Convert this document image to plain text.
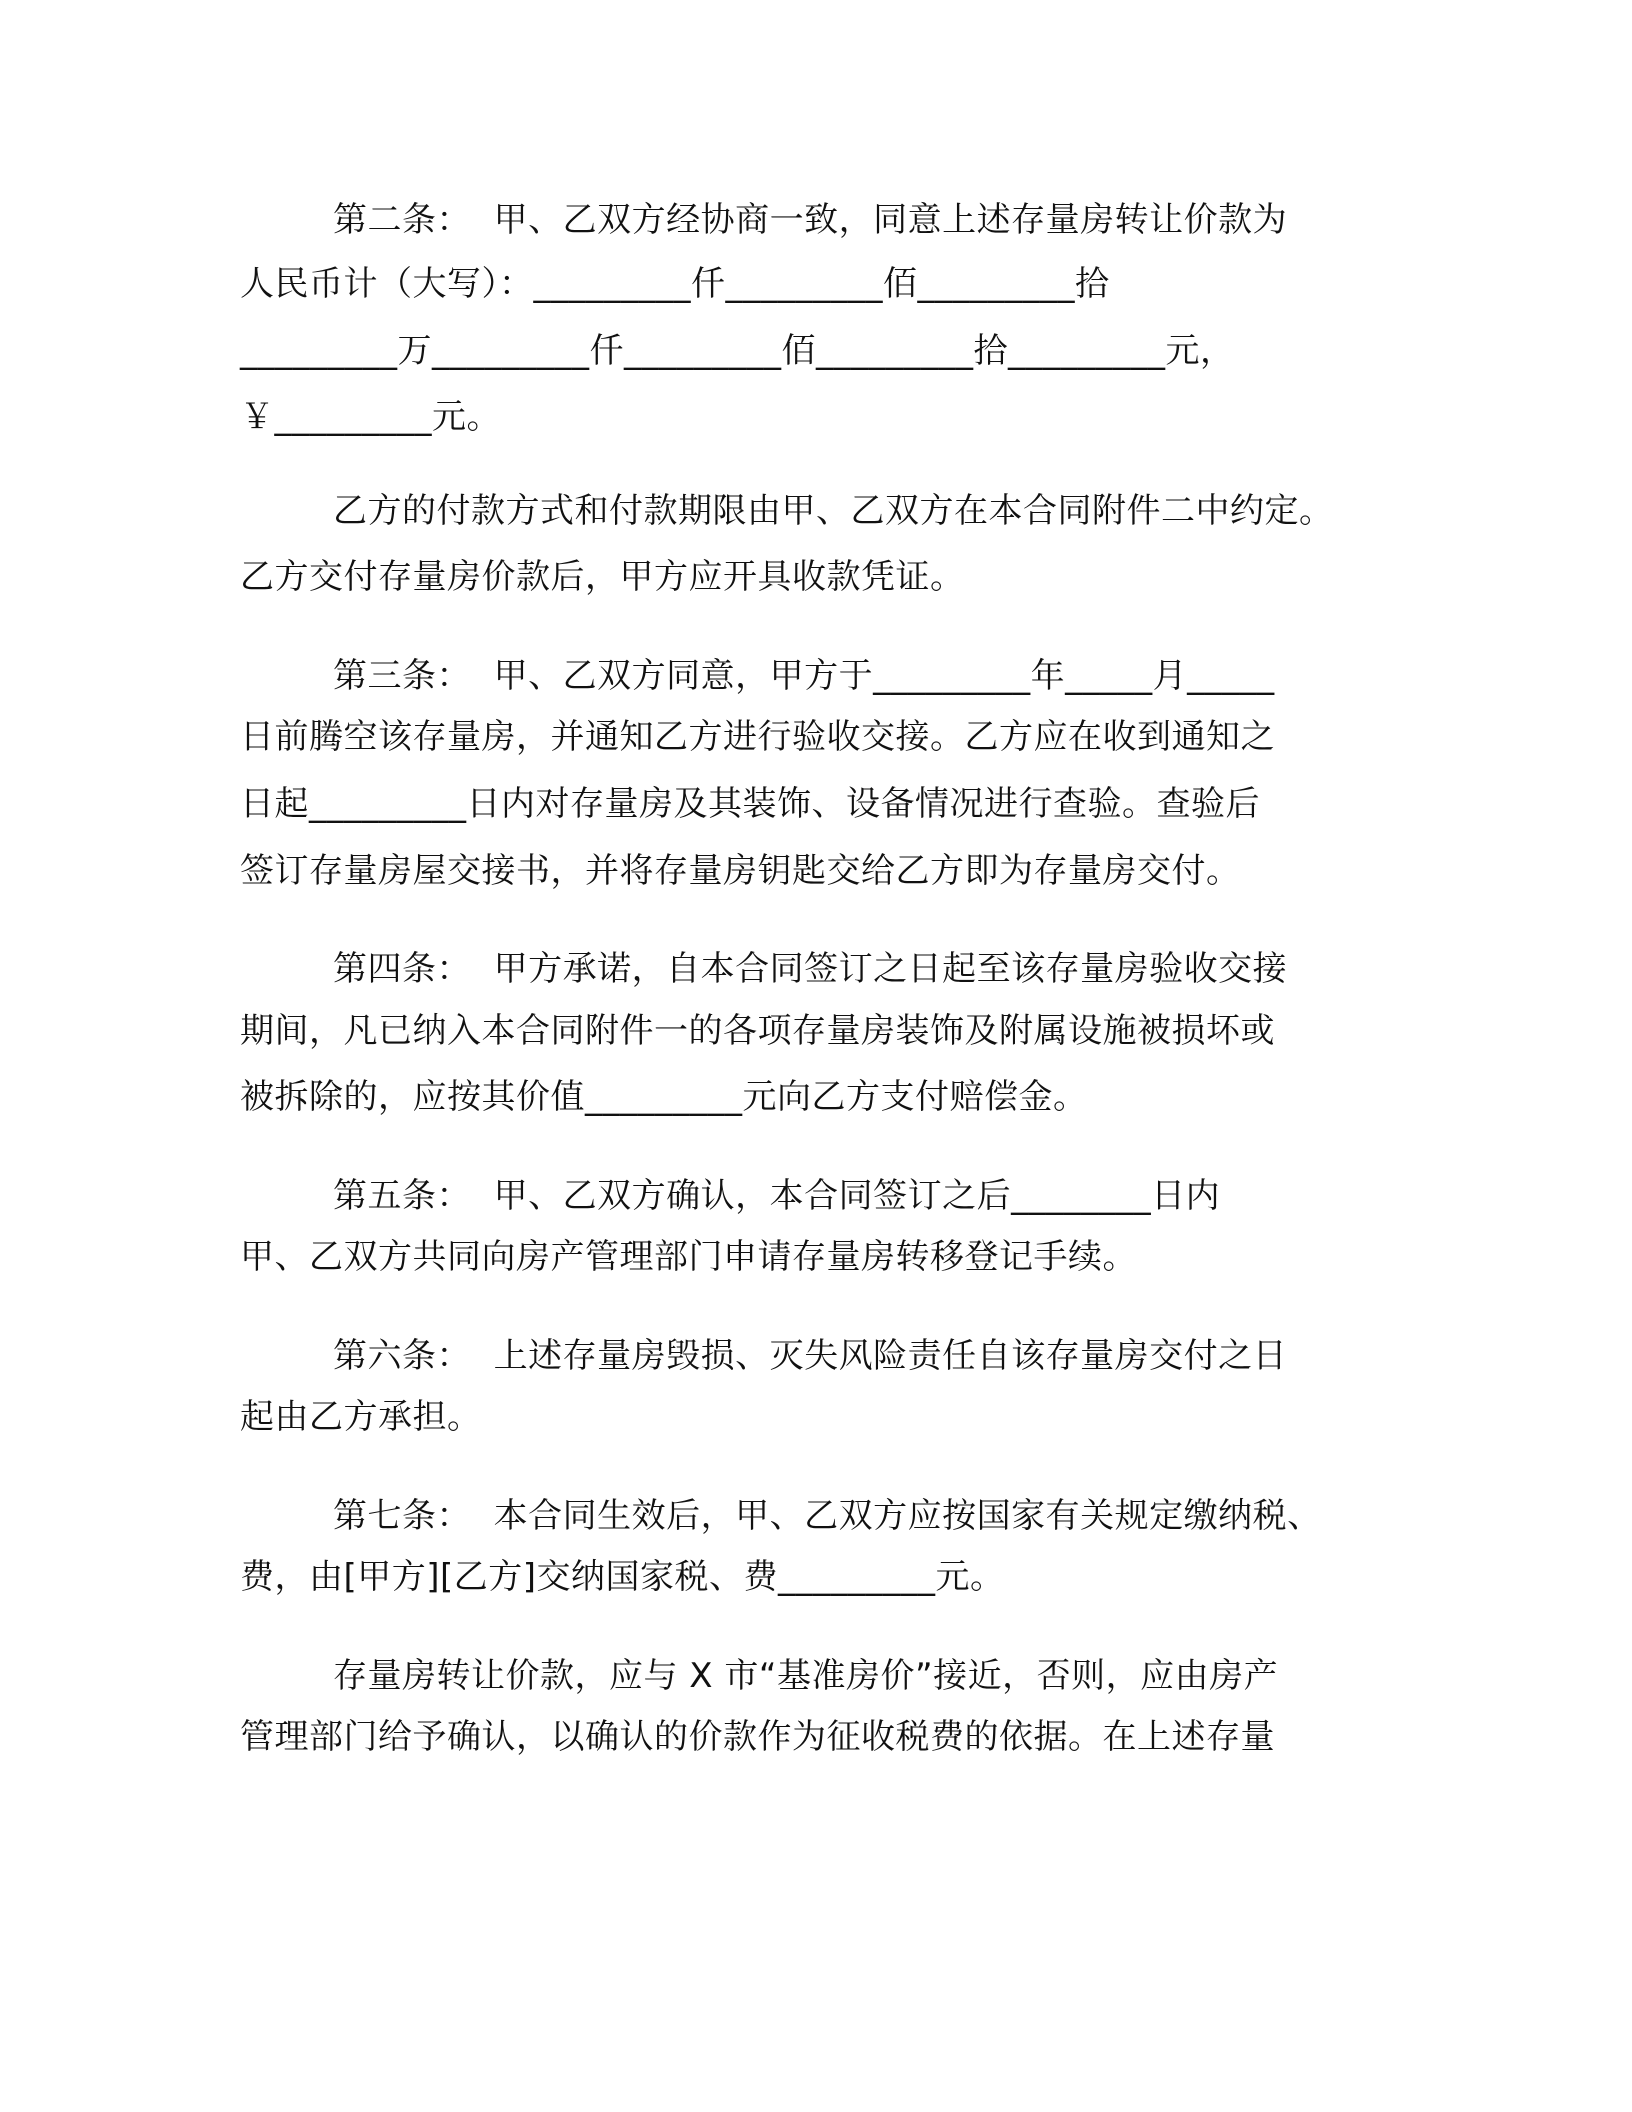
第二条：  甲、乙双方经协商一致，同意上述存量房转让价款为
人民币计（大写）：_________仟_________佰_________拾
_________万_________仟_________佰_________拾_________元，
￥_________元。
乙方的付款方式和付款期限由甲、乙双方在本合同附件二中约定。
乙方交付存量房价款后，甲方应开具收款凭证。
第三条：  甲、乙双方同意，甲方于_________年_____月_____
日前腾空该存量房，并通知乙方进行验收交接。乙方应在收到通知之
日起_________日内对存量房及其装饰、设备情况进行查验。查验后
签订存量房屋交接书，并将存量房钥匙交给乙方即为存量房交付。
第四条：  甲方承诺，自本合同签订之日起至该存量房验收交接
期间，凡已纳入本合同附件一的各项存量房装饰及附属设施被损坏或
被拆除的，应按其价值_________元向乙方支付赔偿金。
第五条：  甲、乙双方确认，本合同签订之后________日内
甲、乙双方共同向房产管理部门申请存量房转移登记手续。
第六条：  上述存量房毁损、灭失风险责任自该存量房交付之日
起由乙方承担。
第七条：  本合同生效后，甲、乙双方应按国家有关规定缴纳税、
费，由[甲方][乙方]交纳国家税、费_________元。
存量房转让价款，应与 X 市“基准房价”接近，否则，应由房产
管理部门给予确认，以确认的价款作为征收税费的依据。在上述存量
